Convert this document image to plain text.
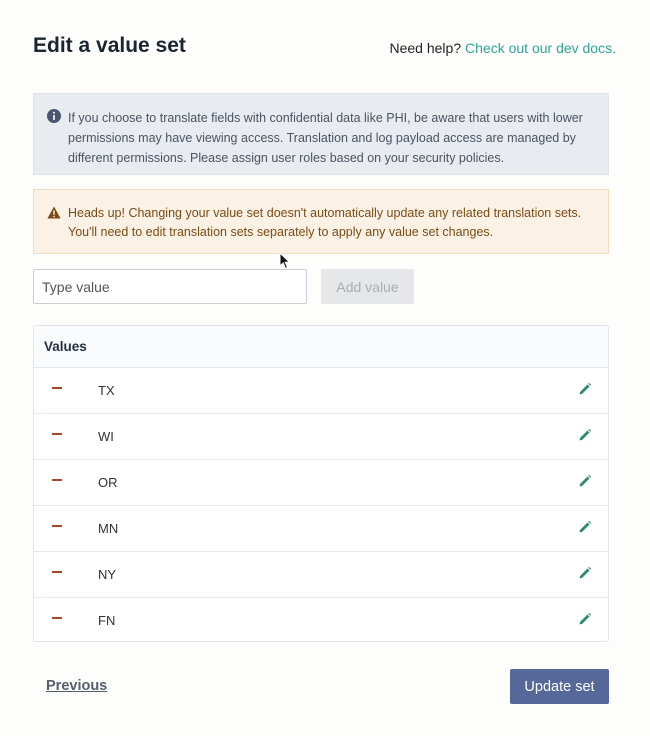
Edit a value set	Need help? Check out our dev docs.
If you choose to translate fields with confidential data like PHI, be aware that users with lower permissions may have viewing access. Translation and log payload access are managed by different permissions. Please assign user roles based on your security policies.
Heads up! Changing your value set doesn't automatically update any related translation sets. You'll need to edit translation sets separately to apply any value set changes.
Type value
Add value
Values
TX
WI
OR
MN
NY
FN
Previous	Update set
